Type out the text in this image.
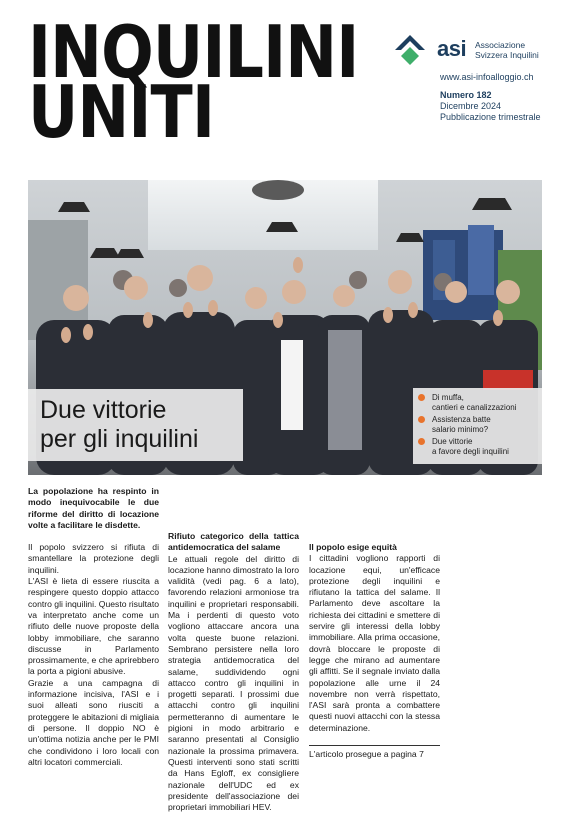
INQUILINI
UNITI
asi Associazione
Svizzera Inquilini
www.asi-infoalloggio.ch
Numero 182
Dicembre 2024
Pubblicazione trimestrale
Due vittorie
per gli inquilini
Di muffa,
cantieri e canalizzazioni
Assistenza batte
salario minimo?
Due vittorie
a favore degli inquilini

La popolazione ha respinto in modo inequivocabile le due riforme del diritto di locazione volte a facilitare le disdette.

Il popolo svizzero si rifiuta di smantellare la protezione degli inquilini.

L'ASI è lieta di essere riuscita a respingere questo doppio attacco contro gli inquilini. Questo risultato va interpretato anche come un rifiuto delle nuove proposte della lobby immobiliare, che saranno discusse in Parlamento prossimamente, e che aprirebbero la porta a pigioni abusive.

Grazie a una campagna di informazione incisiva, l'ASI e i suoi alleati sono riusciti a proteggere le abitazioni di migliaia di persone. Il doppio NO è un'ottima notizia anche per le PMI che condividono i loro locali con altri locatori commerciali.

Rifiuto categorico della tattica antidemocratica del salame

Le attuali regole del diritto di locazione hanno dimostrato la loro validità (vedi pag. 6 a lato), favorendo relazioni armoniose tra inquilini e proprietari responsabili. Ma i perdenti di questo voto vogliono attaccare ancora una volta queste buone relazioni. Sembrano persistere nella loro strategia antidemocratica del salame, suddividendo ogni attacco contro gli inquilini in progetti separati. I prossimi due attacchi contro gli inquilini permetteranno di aumentare le pigioni in modo arbitrario e saranno presentati al Consiglio nazionale la prossima primavera. Questi interventi sono stati scritti da Hans Egloff, ex consigliere nazionale dell'UDC ed ex presidente dell'associazione dei proprietari immobiliari HEV.

Il popolo esige equità

I cittadini vogliono rapporti di locazione equi, un'efficace protezione degli inquilini e rifiutano la tattica del salame. Il Parlamento deve ascoltare la richiesta dei cittadini e smettere di servire gli interessi della lobby immobiliare. Alla prima occasione, dovrà bloccare le proposte di legge che mirano ad aumentare gli affitti. Se il segnale inviato dalla popolazione alle urne il 24 novembre non verrà rispettato, l'ASI sarà pronta a combattere questi nuovi attacchi con la stessa determinazione.

L'articolo prosegue a pagina 7
